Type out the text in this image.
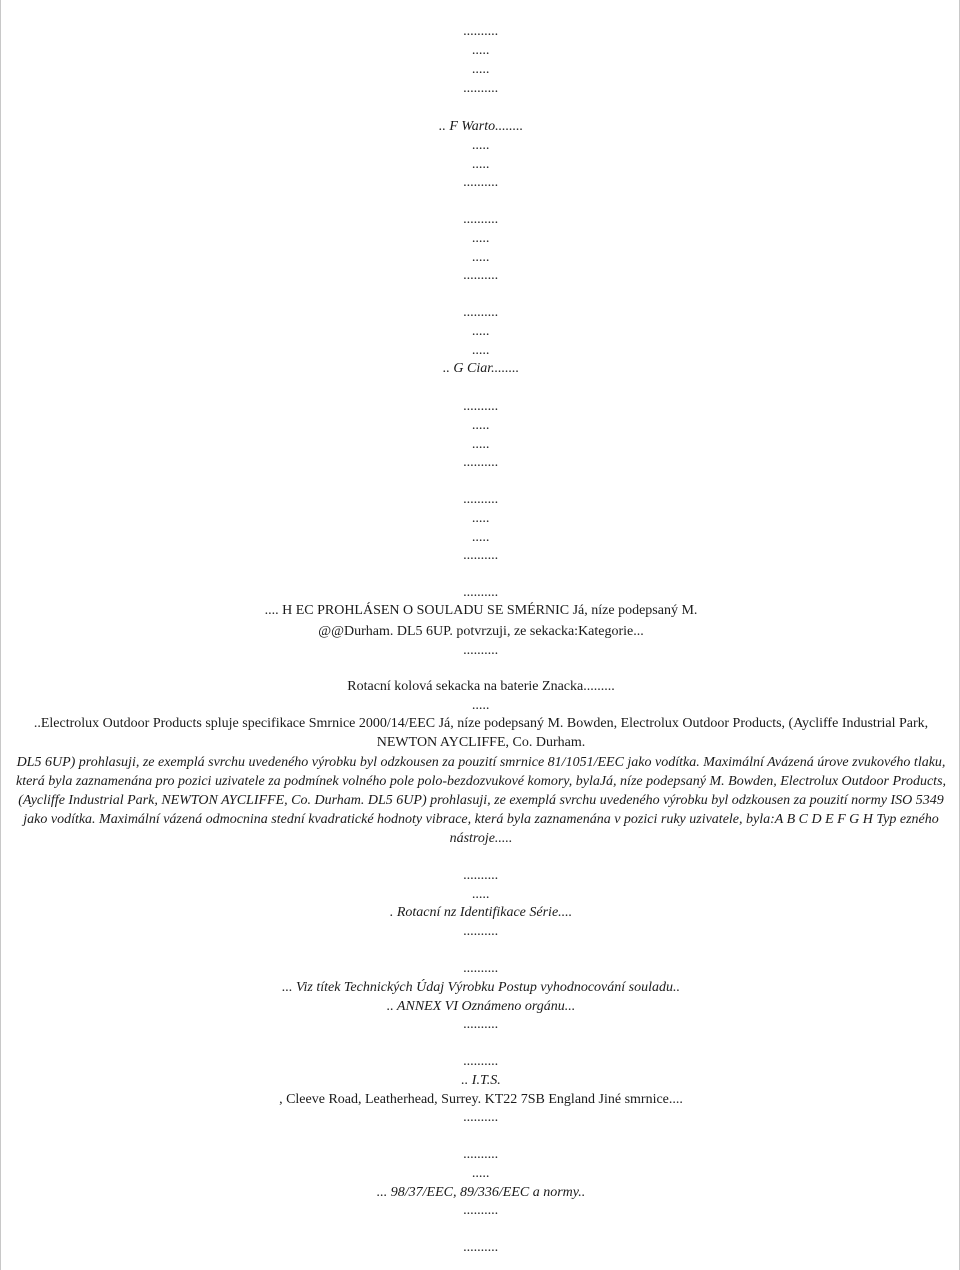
..........
.....
.....
..........
.. F Warto........
.....
.....
..........
..........
.....
.....
..........
..........
.....
.....
.. G Ciar........
..........
.....
.....
..........
..........
.....
.....
..........
..........
.... H EC PROHLÁSEN O SOULADU SE SMÉRNIC Já, níze podepsaný M.
@@Durham. DL5 6UP. potvrzuji, ze sekacka:Kategorie...
..........
Rotacní kolová sekacka na baterie Znacka.........
.....
..Electrolux Outdoor Products spluje specifikace Smrnice 2000/14/EEC Já, níze podepsaný M. Bowden, Electrolux Outdoor Products, (Aycliffe Industrial Park, NEWTON AYCLIFFE, Co. Durham.
DL5 6UP) prohlasuji, ze exemplá svrchu uvedeného výrobku byl odzkousen za pouzití smrnice 81/1051/EEC jako vodítka. Maximální Avázená úrove zvukového tlaku, která byla zaznamenána pro pozici uzivatele za podmínek volného pole polo-bezdozvukové komory, bylaJá, níze podepsaný M. Bowden, Electrolux Outdoor Products, (Aycliffe Industrial Park, NEWTON AYCLIFFE, Co. Durham. DL5 6UP) prohlasuji, ze exemplá svrchu uvedeného výrobku byl odzkousen za pouzití normy ISO 5349 jako vodítka. Maximální vázená odmocnina stední kvadratické hodnoty vibrace, která byla zaznamenána v pozici ruky uzivatele, byla:A B C D E F G H Typ ezného nástroje.....
..........
.....
. Rotacní nz Identifikace Série....
..........
..........
... Viz títek Technických Údaj Výrobku Postup vyhodnocování souladu..
.. ANNEX VI Oznámeno orgánu...
..........
..........
.. I.T.S.
, Cleeve Road, Leatherhead, Surrey. KT22 7SB England Jiné smrnice....
..........
..........
.....
... 98/37/EEC, 89/336/EEC a normy..
..........
..........
